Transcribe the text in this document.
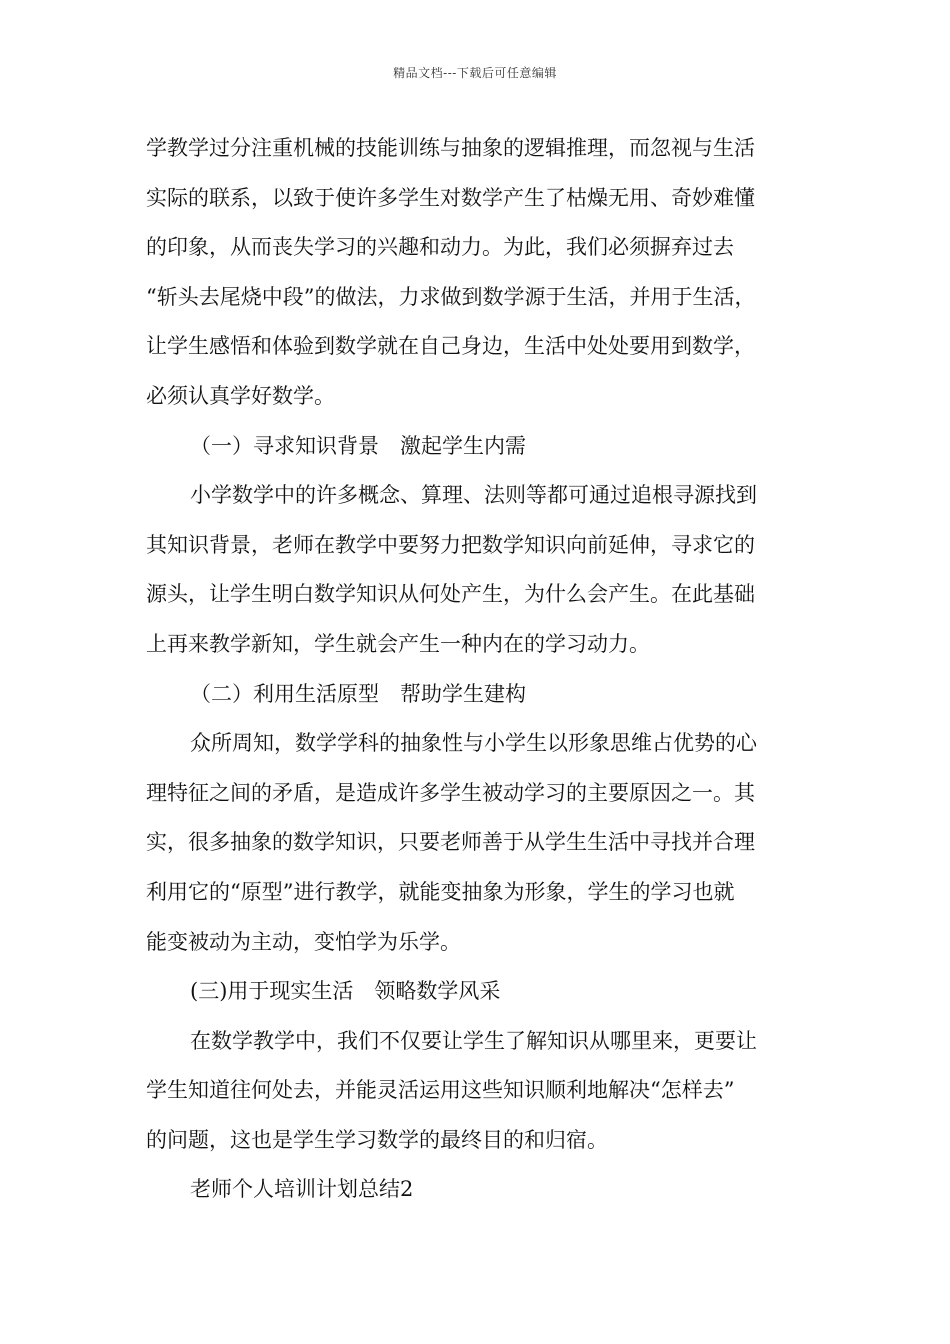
精品文档---下载后可任意编辑
学教学过分注重机械的技能训练与抽象的逻辑推理，而忽视与生活
实际的联系，以致于使许多学生对数学产生了枯燥无用、奇妙难懂
的印象，从而丧失学习的兴趣和动力。为此，我们必须摒弃过去
“斩头去尾烧中段”的做法，力求做到数学源于生活，并用于生活，
让学生感悟和体验到数学就在自己身边，生活中处处要用到数学，
必须认真学好数学。
（一）寻求知识背景　激起学生内需
小学数学中的许多概念、算理、法则等都可通过追根寻源找到
其知识背景，老师在教学中要努力把数学知识向前延伸，寻求它的
源头，让学生明白数学知识从何处产生，为什么会产生。在此基础
上再来教学新知，学生就会产生一种内在的学习动力。
（二）利用生活原型　帮助学生建构
众所周知，数学学科的抽象性与小学生以形象思维占优势的心
理特征之间的矛盾，是造成许多学生被动学习的主要原因之一。其
实，很多抽象的数学知识，只要老师善于从学生生活中寻找并合理
利用它的“原型”进行教学，就能变抽象为形象，学生的学习也就
能变被动为主动，变怕学为乐学。
(三)用于现实生活　领略数学风采
在数学教学中，我们不仅要让学生了解知识从哪里来，更要让
学生知道往何处去，并能灵活运用这些知识顺利地解决“怎样去”
的问题，这也是学生学习数学的最终目的和归宿。
老师个人培训计划总结2
